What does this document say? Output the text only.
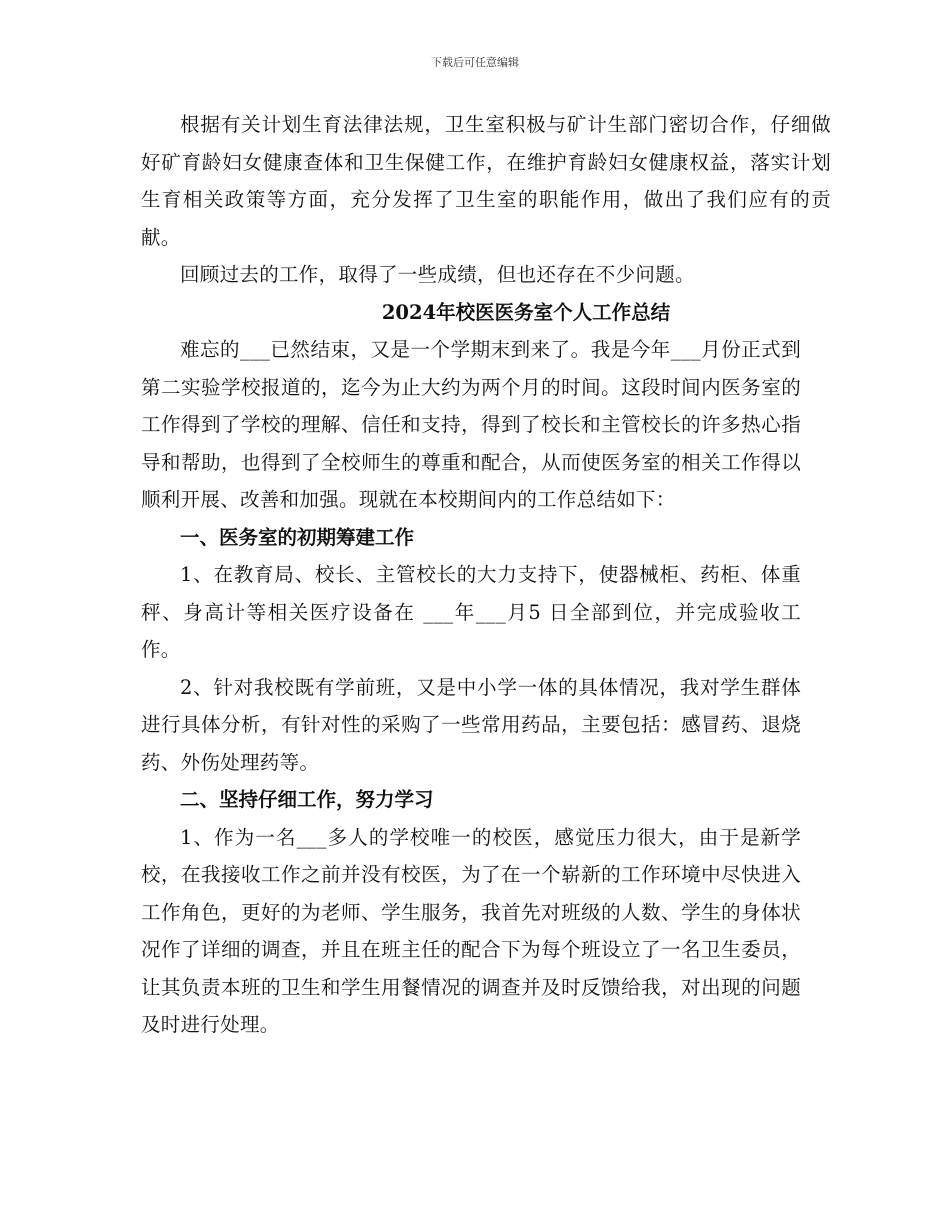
下载后可任意编辑

根据有关计划生育法律法规，卫生室积极与矿计生部门密切合作，仔细做好矿育龄妇女健康查体和卫生保健工作，在维护育龄妇女健康权益，落实计划生育相关政策等方面，充分发挥了卫生室的职能作用，做出了我们应有的贡献。

回顾过去的工作，取得了一些成绩，但也还存在不少问题。

2024年校医医务室个人工作总结

难忘的___已然结束，又是一个学期末到来了。我是今年___月份正式到第二实验学校报道的，迄今为止大约为两个月的时间。这段时间内医务室的工作得到了学校的理解、信任和支持，得到了校长和主管校长的许多热心指导和帮助，也得到了全校师生的尊重和配合，从而使医务室的相关工作得以顺利开展、改善和加强。现就在本校期间内的工作总结如下：

一、医务室的初期筹建工作

1、在教育局、校长、主管校长的大力支持下，使器械柜、药柜、体重秤、身高计等相关医疗设备在 ___年___月5 日全部到位，并完成验收工作。

2、针对我校既有学前班，又是中小学一体的具体情况，我对学生群体进行具体分析，有针对性的采购了一些常用药品，主要包括：感冒药、退烧药、外伤处理药等。

二、坚持仔细工作，努力学习

1、作为一名___多人的学校唯一的校医，感觉压力很大，由于是新学校，在我接收工作之前并没有校医，为了在一个崭新的工作环境中尽快进入工作角色，更好的为老师、学生服务，我首先对班级的人数、学生的身体状况作了详细的调查，并且在班主任的配合下为每个班设立了一名卫生委员，让其负责本班的卫生和学生用餐情况的调查并及时反馈给我，对出现的问题及时进行处理。
